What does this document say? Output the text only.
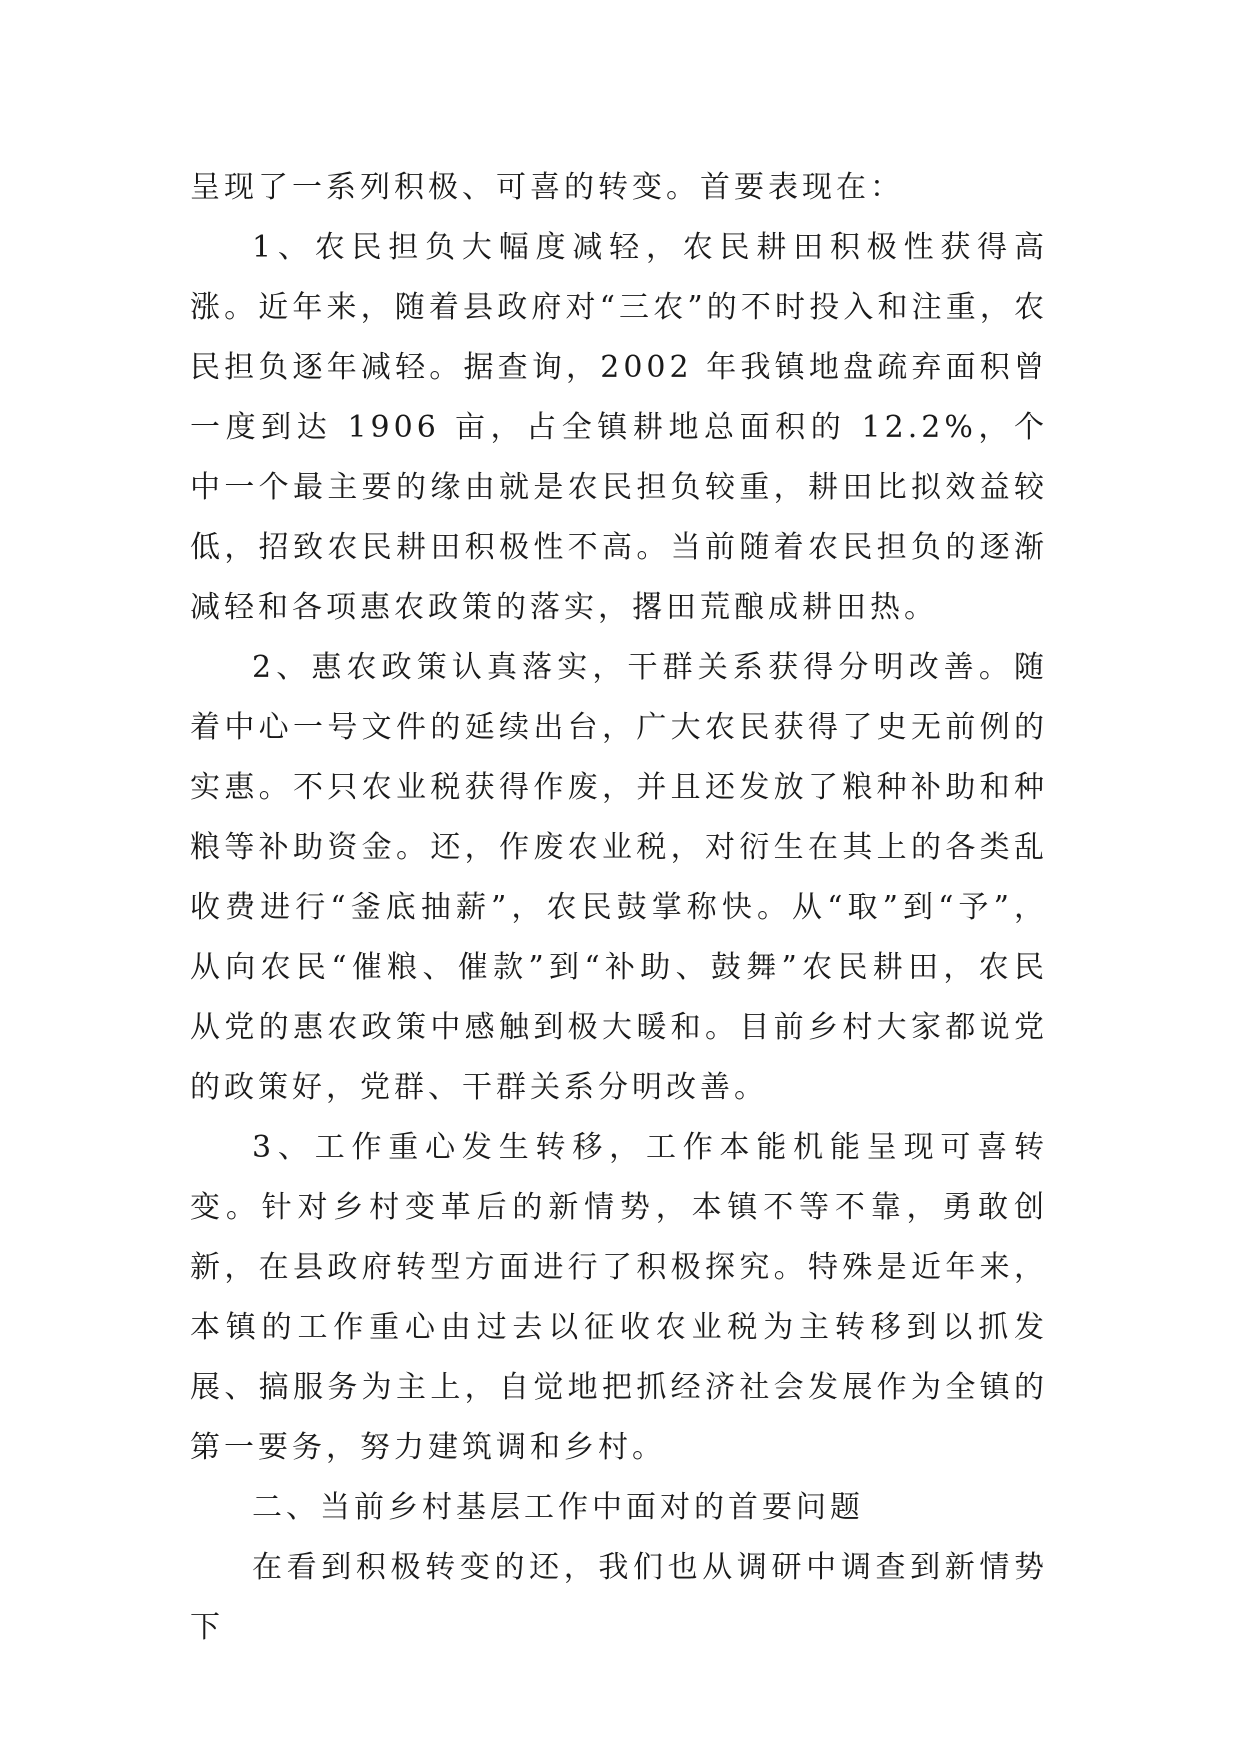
呈现了一系列积极、可喜的转变。首要表现在：

1、农民担负大幅度减轻，农民耕田积极性获得高涨。近年来，随着县政府对“三农”的不时投入和注重，农民担负逐年减轻。据查询，2002 年我镇地盘疏弃面积曾一度到达 1906 亩，占全镇耕地总面积的 12.2%，个中一个最主要的缘由就是农民担负较重，耕田比拟效益较低，招致农民耕田积极性不高。当前随着农民担负的逐渐减轻和各项惠农政策的落实，撂田荒酿成耕田热。

2、惠农政策认真落实，干群关系获得分明改善。随着中心一号文件的延续出台，广大农民获得了史无前例的实惠。不只农业税获得作废，并且还发放了粮种补助和种粮等补助资金。还，作废农业税，对衍生在其上的各类乱收费进行“釜底抽薪”，农民鼓掌称快。从“取”到“予”，从向农民“催粮、催款”到“补助、鼓舞”农民耕田，农民从党的惠农政策中感触到极大暖和。目前乡村大家都说党的政策好，党群、干群关系分明改善。

3、工作重心发生转移，工作本能机能呈现可喜转变。针对乡村变革后的新情势，本镇不等不靠，勇敢创新，在县政府转型方面进行了积极探究。特殊是近年来，本镇的工作重心由过去以征收农业税为主转移到以抓发展、搞服务为主上，自觉地把抓经济社会发展作为全镇的第一要务，努力建筑调和乡村。

二、当前乡村基层工作中面对的首要问题

在看到积极转变的还，我们也从调研中调查到新情势下
